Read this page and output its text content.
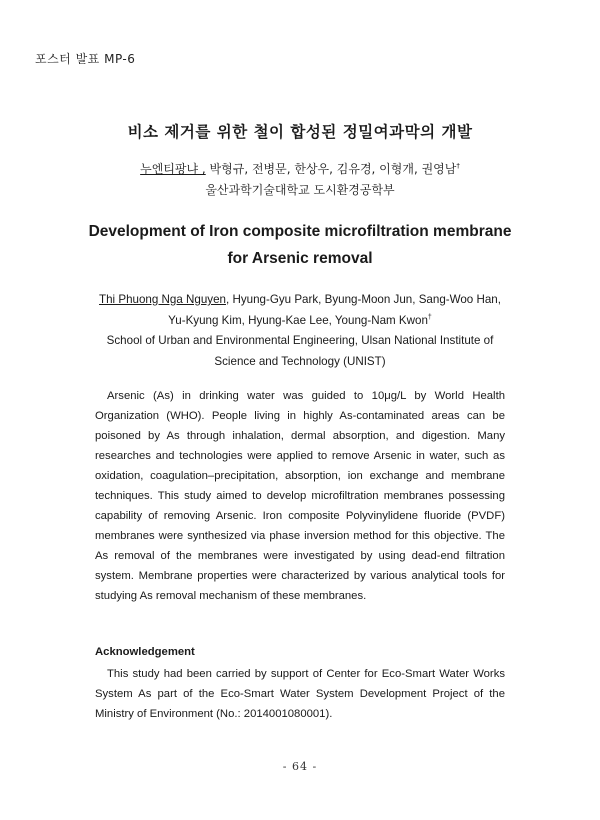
포스터 발표 MP-6
비소 제거를 위한 철이 합성된 정밀여과막의 개발
누엔티팡냐 , 박형규, 전병문, 한상우, 김유경, 이형개, 권영남†
울산과학기술대학교 도시환경공학부
Development of Iron composite microfiltration membrane
for Arsenic removal
Thi Phuong Nga Nguyen, Hyung-Gyu Park, Byung-Moon Jun, Sang-Woo Han, Yu-Kyung Kim, Hyung-Kae Lee, Young-Nam Kwon†
School of Urban and Environmental Engineering, Ulsan National Institute of Science and Technology (UNIST)

Arsenic (As) in drinking water was guided to 10μg/L by World Health Organization (WHO). People living in highly As-contaminated areas can be poisoned by As through inhalation, dermal absorption, and digestion. Many researches and technologies were applied to remove Arsenic in water, such as oxidation, coagulation–precipitation, absorption, ion exchange and membrane techniques. This study aimed to develop microfiltration membranes possessing capability of removing Arsenic. Iron composite Polyvinylidene fluoride (PVDF) membranes were synthesized via phase inversion method for this objective. The As removal of the membranes were investigated by using dead-end filtration system. Membrane properties were characterized by various analytical tools for studying As removal mechanism of these membranes.

Acknowledgement

This study had been carried by support of Center for Eco-Smart Water Works System As part of the Eco-Smart Water System Development Project of the Ministry of Environment (No.: 2014001080001).

- 64 -
